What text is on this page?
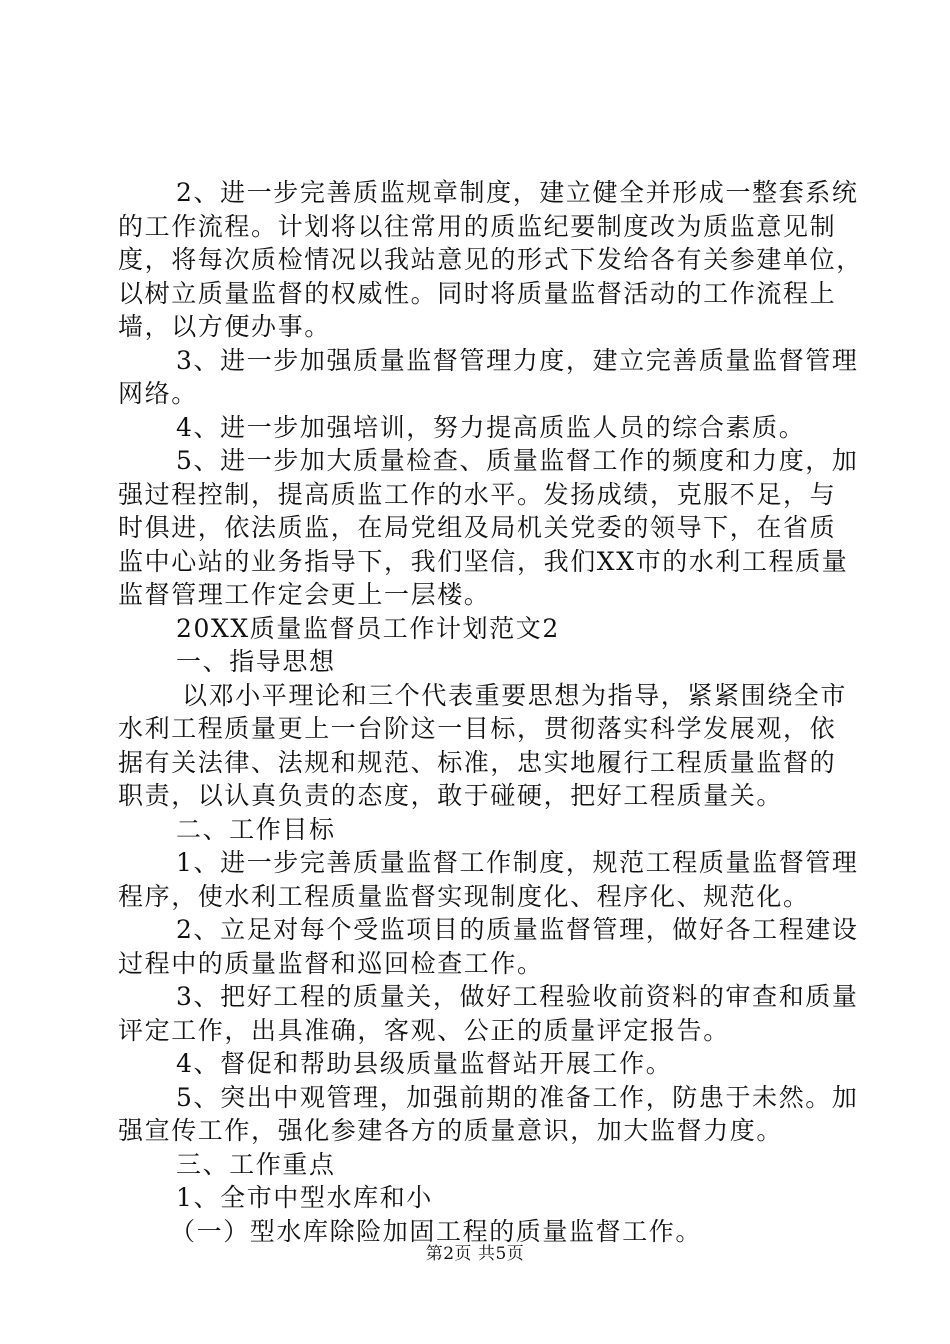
2、进一步完善质监规章制度，建立健全并形成一整套系统
的工作流程。计划将以往常用的质监纪要制度改为质监意见制
度，将每次质检情况以我站意见的形式下发给各有关参建单位，
以树立质量监督的权威性。同时将质量监督活动的工作流程上
墙，以方便办事。
3、进一步加强质量监督管理力度，建立完善质量监督管理
网络。
4、进一步加强培训，努力提高质监人员的综合素质。
5、进一步加大质量检查、质量监督工作的频度和力度，加
强过程控制，提高质监工作的水平。发扬成绩，克服不足，与
时俱进，依法质监，在局党组及局机关党委的领导下，在省质
监中心站的业务指导下，我们坚信，我们XX市的水利工程质量
监督管理工作定会更上一层楼。
20XX质量监督员工作计划范文2
一、指导思想
以邓小平理论和三个代表重要思想为指导，紧紧围绕全市
水利工程质量更上一台阶这一目标，贯彻落实科学发展观，依
据有关法律、法规和规范、标准，忠实地履行工程质量监督的
职责，以认真负责的态度，敢于碰硬，把好工程质量关。
二、工作目标
1、进一步完善质量监督工作制度，规范工程质量监督管理
程序，使水利工程质量监督实现制度化、程序化、规范化。
2、立足对每个受监项目的质量监督管理，做好各工程建设
过程中的质量监督和巡回检查工作。
3、把好工程的质量关，做好工程验收前资料的审查和质量
评定工作，出具准确，客观、公正的质量评定报告。
4、督促和帮助县级质量监督站开展工作。
5、突出中观管理，加强前期的准备工作，防患于未然。加
强宣传工作，强化参建各方的质量意识，加大监督力度。
三、工作重点
1、全市中型水库和小
（一）型水库除险加固工程的质量监督工作。
第2页 共5页
